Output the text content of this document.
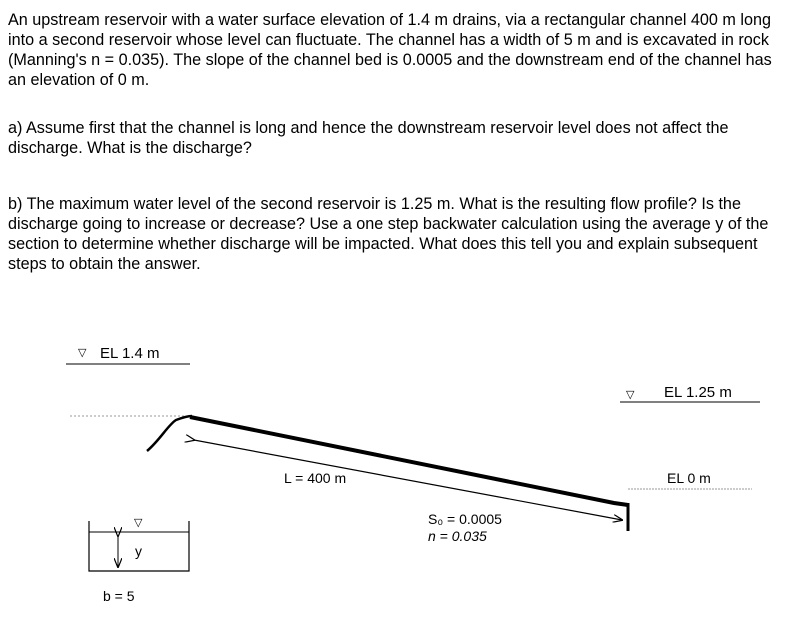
An upstream reservoir with a water surface elevation of 1.4 m drains, via a rectangular channel 400 m long into a second reservoir whose level can fluctuate. The channel has a width of 5 m and is excavated in rock (Manning's n = 0.035). The slope of the channel bed is 0.0005 and the downstream end of the channel has an elevation of 0 m.

a) Assume first that the channel is long and hence the downstream reservoir level does not affect the discharge. What is the discharge?

b) The maximum water level of the second reservoir is 1.25 m. What is the resulting flow profile? Is the discharge going to increase or decrease? Use a one step backwater calculation using the average y of the section to determine whether discharge will be impacted. What does this tell you and explain subsequent steps to obtain the answer.

▽ EL 1.4 m
▽ EL 1.25 m
L = 400 m	EL 0 m
S₀ = 0.0005
n = 0.035
▽
y
b = 5
